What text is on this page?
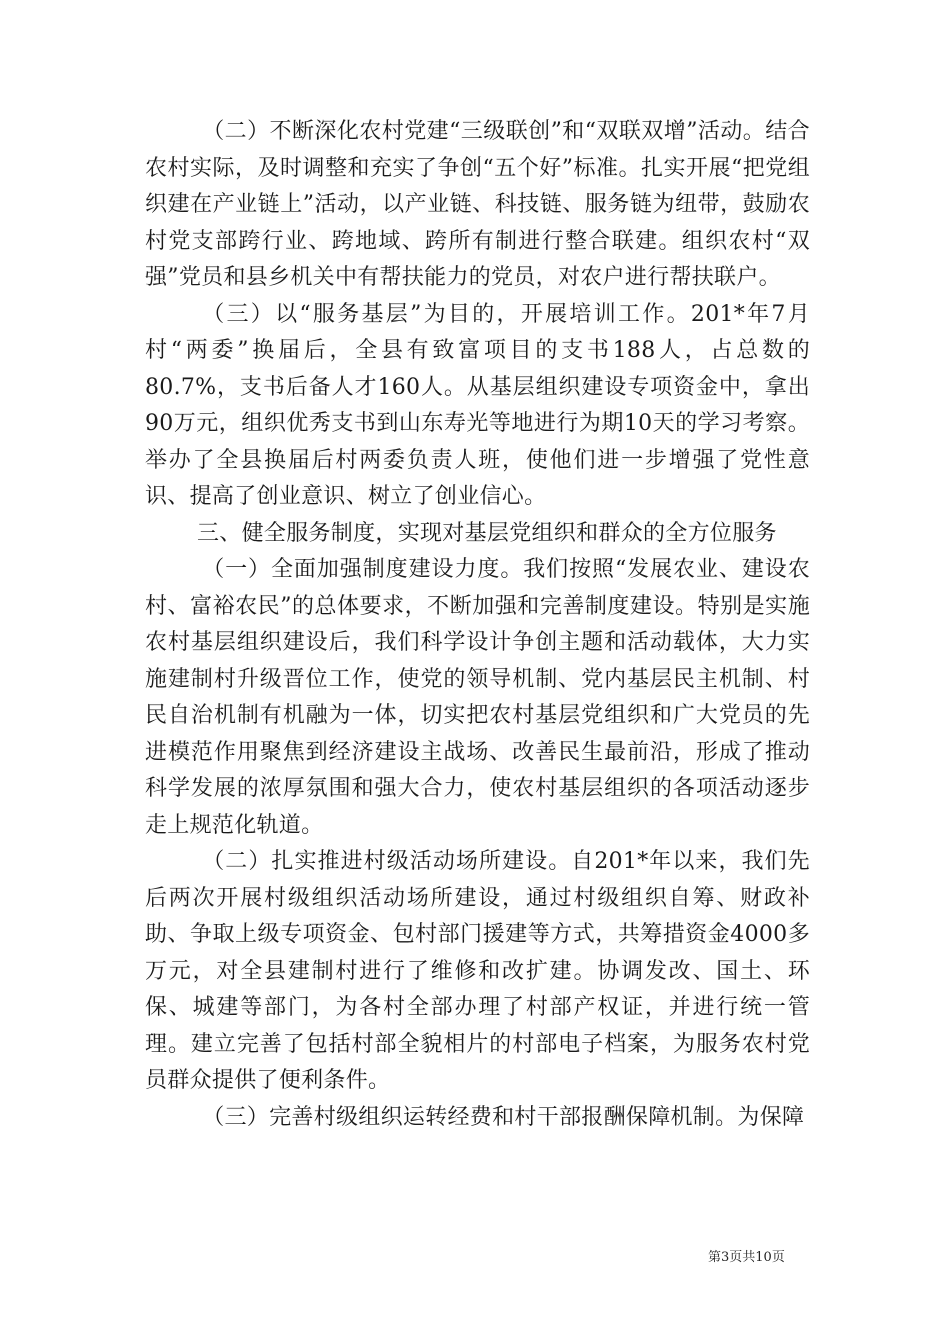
（二）不断深化农村党建“三级联创”和“双联双增”活动。结合农村实际，及时调整和充实了争创“五个好”标准。扎实开展“把党组织建在产业链上”活动，以产业链、科技链、服务链为纽带，鼓励农村党支部跨行业、跨地域、跨所有制进行整合联建。组织农村“双强”党员和县乡机关中有帮扶能力的党员，对农户进行帮扶联户。

（三）以“服务基层”为目的，开展培训工作。201*年7月村“两委”换届后，全县有致富项目的支书188人，占总数的80.7%，支书后备人才160人。从基层组织建设专项资金中，拿出90万元，组织优秀支书到山东寿光等地进行为期10天的学习考察。举办了全县换届后村两委负责人班，使他们进一步增强了党性意识、提高了创业意识、树立了创业信心。

三、健全服务制度，实现对基层党组织和群众的全方位服务

（一）全面加强制度建设力度。我们按照“发展农业、建设农村、富裕农民”的总体要求，不断加强和完善制度建设。特别是实施农村基层组织建设后，我们科学设计争创主题和活动载体，大力实施建制村升级晋位工作，使党的领导机制、党内基层民主机制、村民自治机制有机融为一体，切实把农村基层党组织和广大党员的先进模范作用聚焦到经济建设主战场、改善民生最前沿，形成了推动科学发展的浓厚氛围和强大合力，使农村基层组织的各项活动逐步走上规范化轨道。

（二）扎实推进村级活动场所建设。自201*年以来，我们先后两次开展村级组织活动场所建设，通过村级组织自筹、财政补助、争取上级专项资金、包村部门援建等方式，共筹措资金4000多万元，对全县建制村进行了维修和改扩建。协调发改、国土、环保、城建等部门，为各村全部办理了村部产权证，并进行统一管理。建立完善了包括村部全貌相片的村部电子档案，为服务农村党员群众提供了便利条件。

（三）完善村级组织运转经费和村干部报酬保障机制。为保障

第3页共10页
